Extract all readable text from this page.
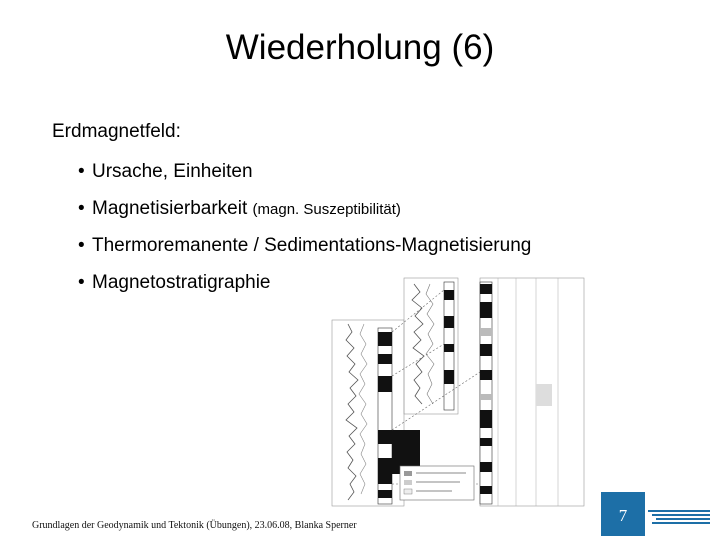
Wiederholung (6)
Erdmagnetfeld:
• Ursache, Einheiten
• Magnetisierbarkeit (magn. Suszeptibilität)
• Thermoremanente / Sedimentations-Magnetisierung
• Magnetostratigraphie
Grundlagen der Geodynamik und Tektonik (Übungen), 23.06.08, Blanka Sperner
7
